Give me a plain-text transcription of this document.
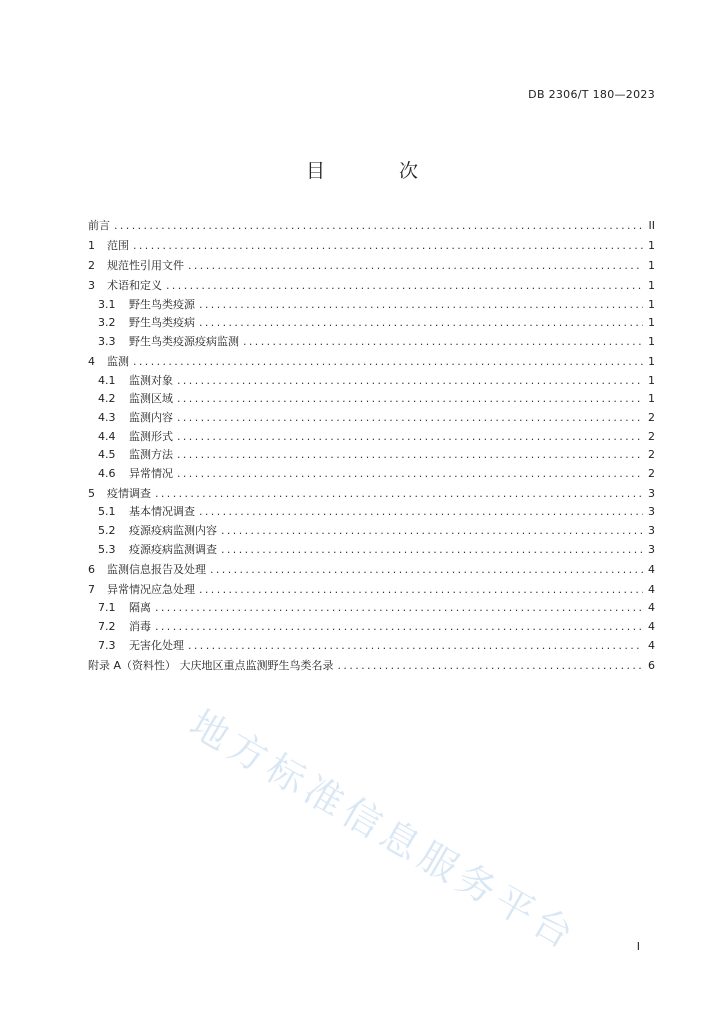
DB 2306/T 180—2023
目 次
前言 .....	II
1	范围 .....	1
2	规范性引用文件 .....	1
3	术语和定义 .....	1
3.1	野生鸟类疫源 .....	1
3.2	野生鸟类疫病 .....	1
3.3	野生鸟类疫源疫病监测 .....	1
4	监测 .....	1
4.1	监测对象 .....	1
4.2	监测区域 .....	1
4.3	监测内容 .....	2
4.4	监测形式 .....	2
4.5	监测方法 .....	2
4.6	异常情况 .....	2
5	疫情调查 .....	3
5.1	基本情况调查 .....	3
5.2	疫源疫病监测内容 .....	3
5.3	疫源疫病监测调查 .....	3
6	监测信息报告及处理 .....	4
7	异常情况应急处理 .....	4
7.1	隔离 .....	4
7.2	消毒 .....	4
7.3	无害化处理 .....	4
附录 A（资料性） 大庆地区重点监测野生鸟类名录 .....	6
I
地方标准信息服务平台
